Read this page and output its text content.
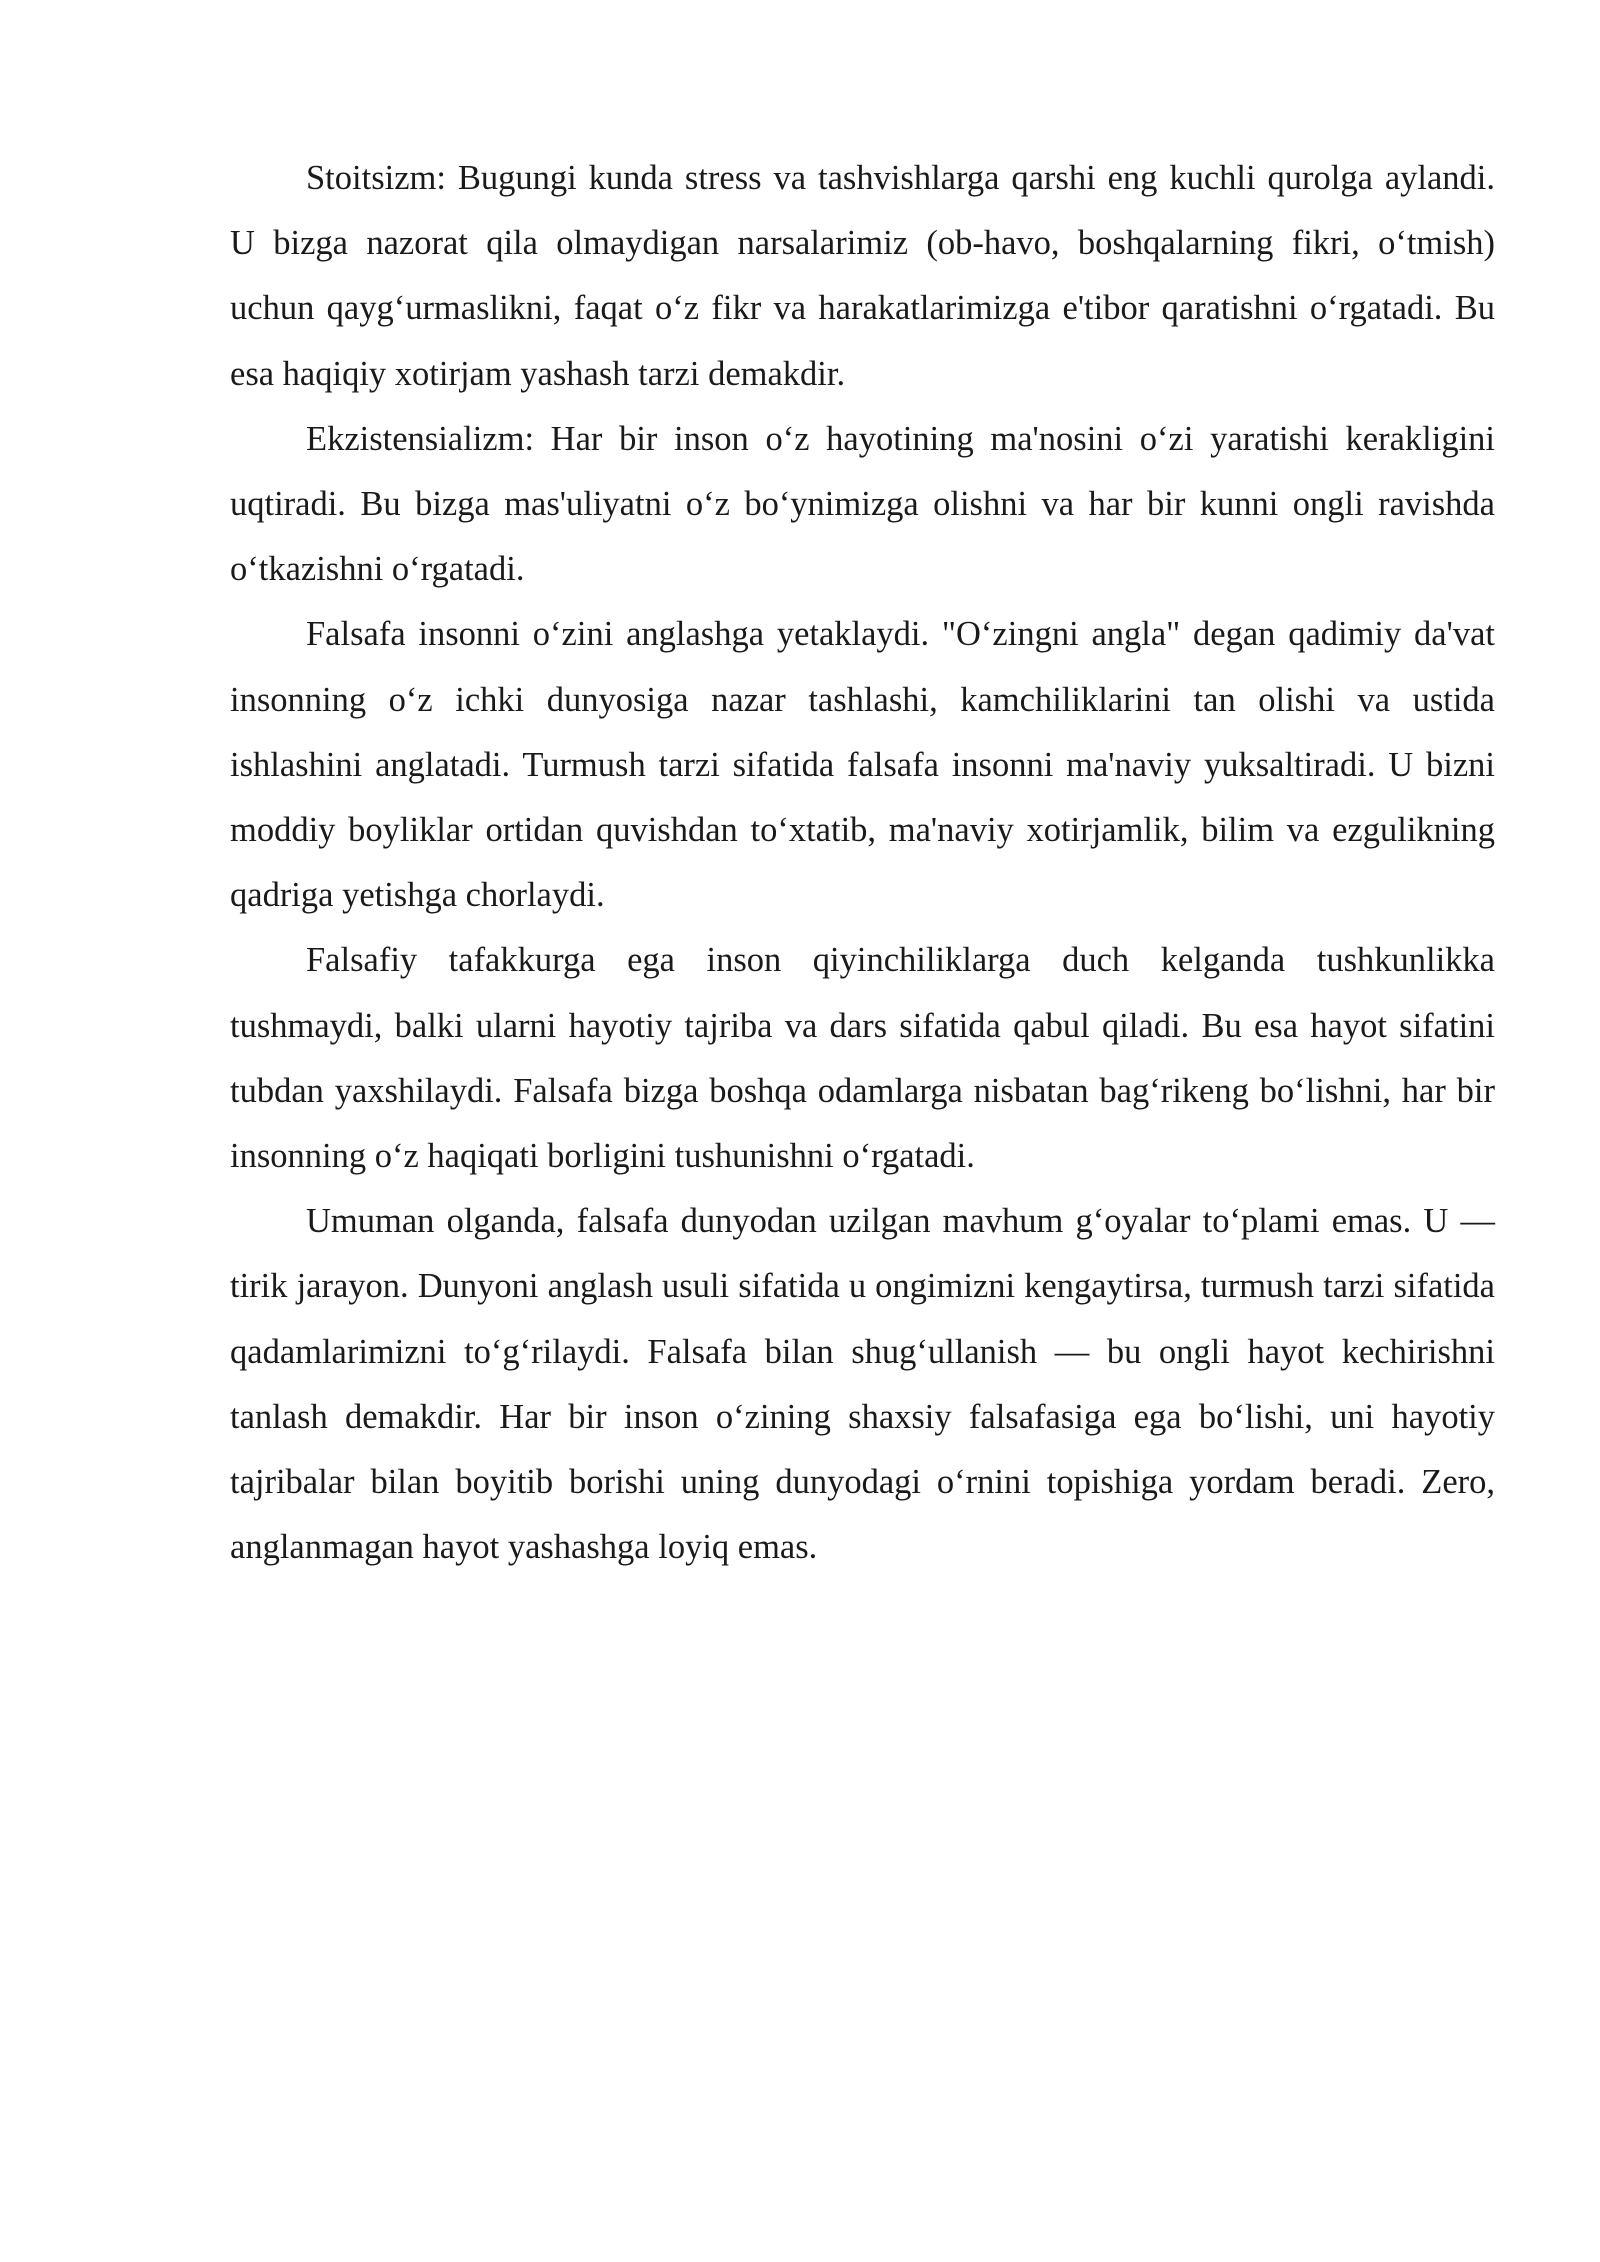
Stoitsizm: Bugungi kunda stress va tashvishlarga qarshi eng kuchli qurolga aylandi. U bizga nazorat qila olmaydigan narsalarimiz (ob-havo, boshqalarning fikri, o‘tmish) uchun qayg‘urmaslikni, faqat o‘z fikr va harakatlarimizga e'tibor qaratishni o‘rgatadi. Bu esa haqiqiy xotirjam yashash tarzi demakdir.

Ekzistensializm: Har bir inson o‘z hayotining ma'nosini o‘zi yaratishi kerakligini uqtiradi. Bu bizga mas'uliyatni o‘z bo‘ynimizga olishni va har bir kunni ongli ravishda o‘tkazishni o‘rgatadi.

Falsafa insonni o‘zini anglashga yetaklaydi. "O‘zingni angla" degan qadimiy da'vat insonning o‘z ichki dunyosiga nazar tashlashi, kamchiliklarini tan olishi va ustida ishlashini anglatadi. Turmush tarzi sifatida falsafa insonni ma'naviy yuksaltiradi. U bizni moddiy boyliklar ortidan quvishdan to‘xtatib, ma'naviy xotirjamlik, bilim va ezgulikning qadriga yetishga chorlaydi.

Falsafiy tafakkurga ega inson qiyinchiliklarga duch kelganda tushkunlikka tushmaydi, balki ularni hayotiy tajriba va dars sifatida qabul qiladi. Bu esa hayot sifatini tubdan yaxshilaydi. Falsafa bizga boshqa odamlarga nisbatan bag‘rikeng bo‘lishni, har bir insonning o‘z haqiqati borligini tushunishni o‘rgatadi.

Umuman olganda, falsafa dunyodan uzilgan mavhum g‘oyalar to‘plami emas. U — tirik jarayon. Dunyoni anglash usuli sifatida u ongimizni kengaytirsa, turmush tarzi sifatida qadamlarimizni to‘g‘rilaydi. Falsafa bilan shug‘ullanish — bu ongli hayot kechirishni tanlash demakdir. Har bir inson o‘zining shaxsiy falsafasiga ega bo‘lishi, uni hayotiy tajribalar bilan boyitib borishi uning dunyodagi o‘rnini topishiga yordam beradi. Zero, anglanmagan hayot yashashga loyiq emas.
